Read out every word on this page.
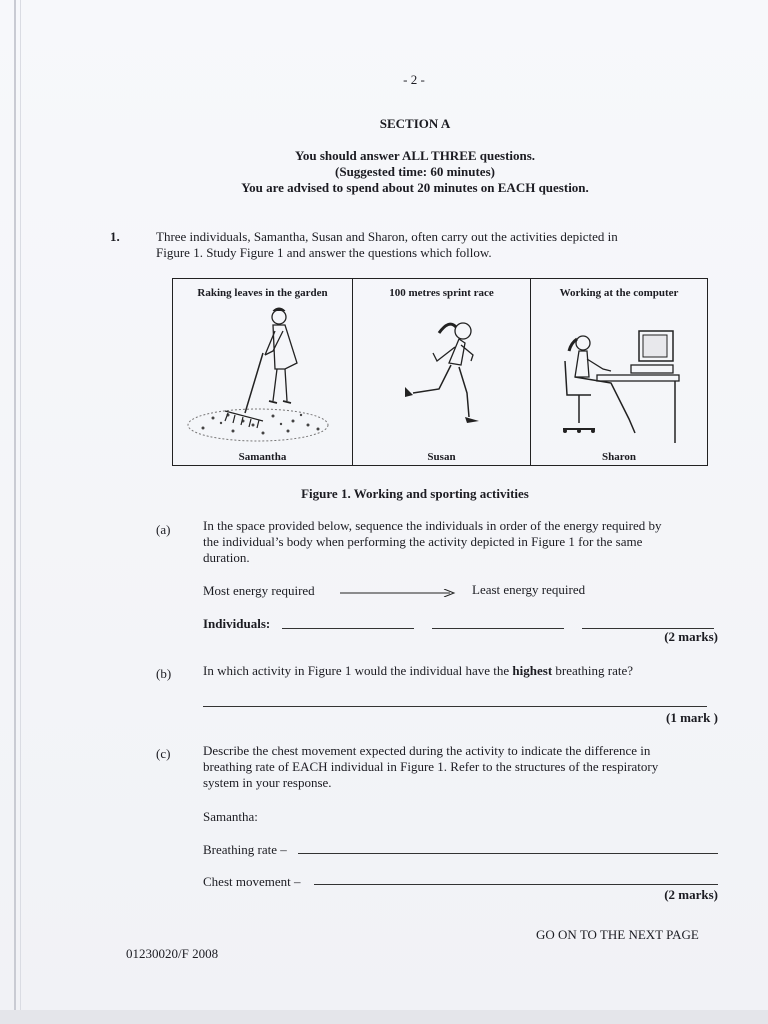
- 2 -
SECTION A
You should answer ALL THREE questions.
(Suggested time: 60 minutes)
You are advised to spend about 20 minutes on EACH question.
1.	Three individuals, Samantha, Susan and Sharon, often carry out the activities depicted in
Figure 1. Study Figure 1 and answer the questions which follow.
Raking leaves in the garden
Samantha
100 metres sprint race
Susan
Working at the computer
Sharon
Figure 1. Working and sporting activities
(a)	In the space provided below, sequence the individuals in order of the energy required by
the individual’s body when performing the activity depicted in Figure 1 for the same
duration.
Most energy required	Least energy required
Individuals:
(2 marks)
(b) In which activity in Figure 1 would the individual have the highest breathing rate?
(1 mark )
(c)	Describe the chest movement expected during the activity to indicate the difference in
breathing rate of EACH individual in Figure 1. Refer to the structures of the respiratory
system in your response.
Samantha:
Breathing rate –
Chest movement –
(2 marks)
GO ON TO THE NEXT PAGE
01230020/F 2008
